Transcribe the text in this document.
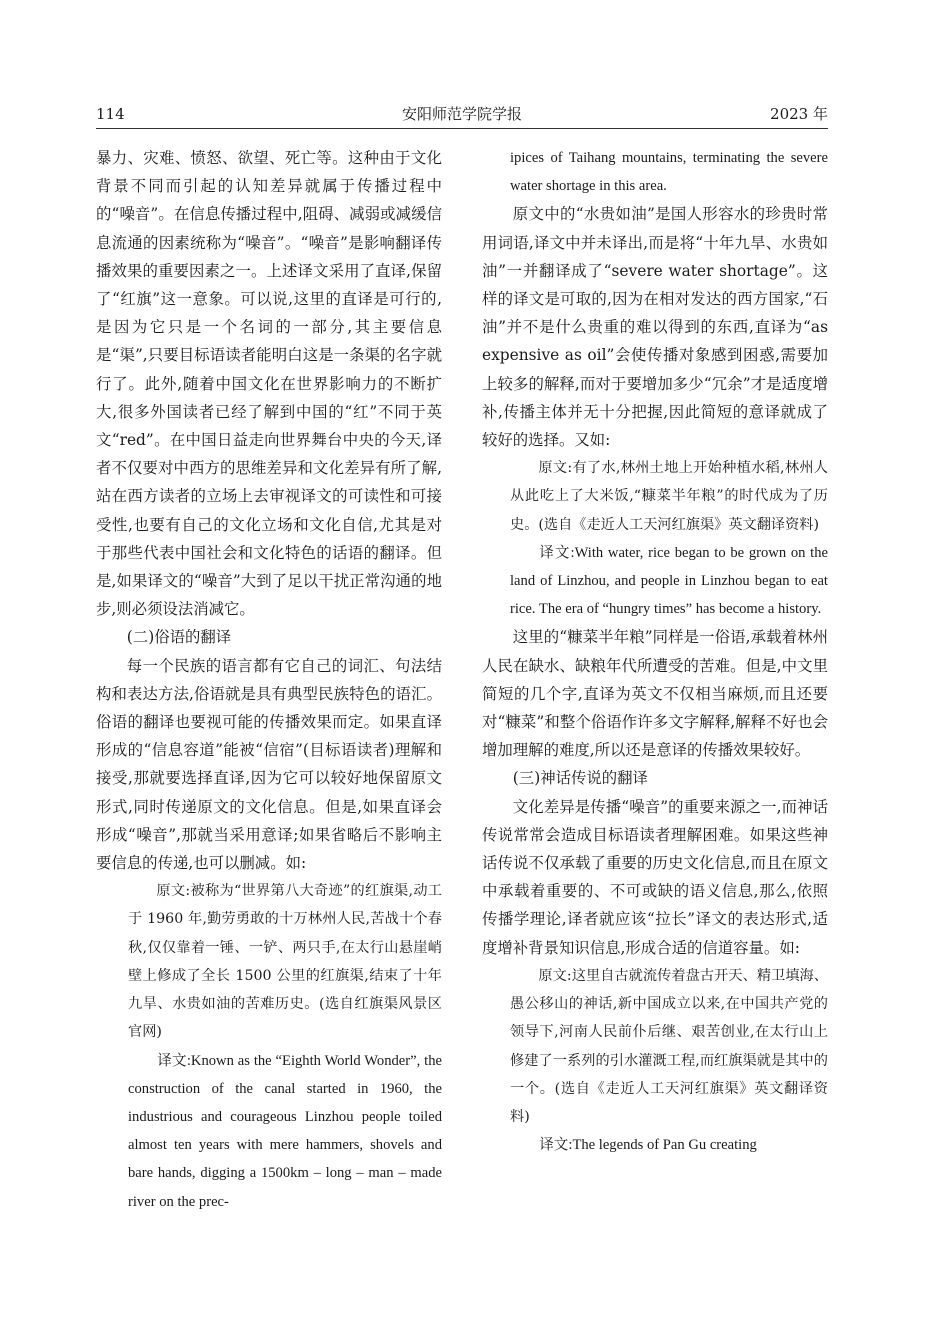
114	安阳师范学院学报	2023 年

暴力、灾难、愤怒、欲望、死亡等。这种由于文化背景不同而引起的认知差异就属于传播过程中的“噪音”。在信息传播过程中,阻碍、减弱或减缓信息流通的因素统称为“噪音”。“噪音”是影响翻译传播效果的重要因素之一。上述译文采用了直译,保留了“红旗”这一意象。可以说,这里的直译是可行的,是因为它只是一个名词的一部分,其主要信息是“渠”,只要目标语读者能明白这是一条渠的名字就行了。此外,随着中国文化在世界影响力的不断扩大,很多外国读者已经了解到中国的“红”不同于英文“red”。在中国日益走向世界舞台中央的今天,译者不仅要对中西方的思维差异和文化差异有所了解,站在西方读者的立场上去审视译文的可读性和可接受性,也要有自己的文化立场和文化自信,尤其是对于那些代表中国社会和文化特色的话语的翻译。但是,如果译文的“噪音”大到了足以干扰正常沟通的地步,则必须设法消减它。

(二)俗语的翻译

每一个民族的语言都有它自己的词汇、句法结构和表达方法,俗语就是具有典型民族特色的语汇。俗语的翻译也要视可能的传播效果而定。如果直译形成的“信息容道”能被“信宿”(目标语读者)理解和接受,那就要选择直译,因为它可以较好地保留原文形式,同时传递原文的文化信息。但是,如果直译会形成“噪音”,那就当采用意译;如果省略后不影响主要信息的传递,也可以删减。如:

原文:被称为“世界第八大奇迹”的红旗渠,动工于 1960 年,勤劳勇敢的十万林州人民,苦战十个春秋,仅仅靠着一锤、一铲、两只手,在太行山悬崖峭壁上修成了全长 1500 公里的红旗渠,结束了十年九旱、水贵如油的苦难历史。(选自红旗渠风景区官网)

译文:Known as the “Eighth World Wonder”, the construction of the canal started in 1960, the industrious and courageous Linzhou people toiled almost ten years with mere hammers, shovels and bare hands, digging a 1500km – long – man – made river on the prec-

ipices of Taihang mountains, terminating the severe water shortage in this area.

原文中的“水贵如油”是国人形容水的珍贵时常用词语,译文中并未译出,而是将“十年九旱、水贵如油”一并翻译成了“severe water shortage”。这样的译文是可取的,因为在相对发达的西方国家,“石油”并不是什么贵重的难以得到的东西,直译为“as expensive as oil”会使传播对象感到困惑,需要加上较多的解释,而对于要增加多少“冗余”才是适度增补,传播主体并无十分把握,因此简短的意译就成了较好的选择。又如:

原文:有了水,林州土地上开始种植水稻,林州人从此吃上了大米饭,“糠菜半年粮”的时代成为了历史。(选自《走近人工天河红旗渠》英文翻译资料)

译文:With water, rice began to be grown on the land of Linzhou, and people in Linzhou began to eat rice. The era of “hungry times” has become a history.

这里的“糠菜半年粮”同样是一俗语,承载着林州人民在缺水、缺粮年代所遭受的苦难。但是,中文里简短的几个字,直译为英文不仅相当麻烦,而且还要对“糠菜”和整个俗语作许多文字解释,解释不好也会增加理解的难度,所以还是意译的传播效果较好。

(三)神话传说的翻译

文化差异是传播“噪音”的重要来源之一,而神话传说常常会造成目标语读者理解困难。如果这些神话传说不仅承载了重要的历史文化信息,而且在原文中承载着重要的、不可或缺的语义信息,那么,依照传播学理论,译者就应该“拉长”译文的表达形式,适度增补背景知识信息,形成合适的信道容量。如:

原文:这里自古就流传着盘古开天、精卫填海、愚公移山的神话,新中国成立以来,在中国共产党的领导下,河南人民前仆后继、艰苦创业,在太行山上修建了一系列的引水灌溉工程,而红旗渠就是其中的一个。(选自《走近人工天河红旗渠》英文翻译资料)

译文:The legends of Pan Gu creating
